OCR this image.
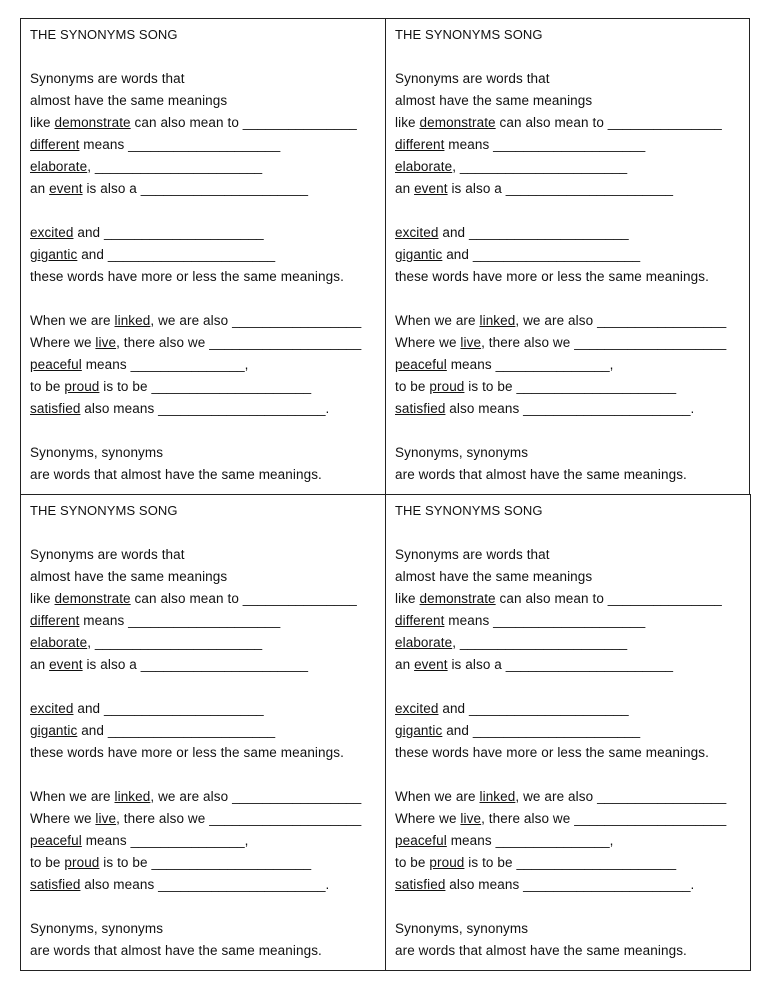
THE SYNONYMS SONG
Synonyms are words that
almost have the same meanings
like demonstrate can also mean to _______________
different means ____________________
elaborate, ______________________
an event is also a ______________________
excited and _____________________
gigantic and ______________________
these words have more or less the same meanings.
When we are linked, we are also _________________
Where we live, there also we ____________________
peaceful means _______________,
to be proud is to be _____________________
satisfied also means ______________________.
Synonyms, synonyms
are words that almost have the same meanings.
THE SYNONYMS SONG
Synonyms are words that
almost have the same meanings
like demonstrate can also mean to _______________
different means ____________________
elaborate, ______________________
an event is also a ______________________
excited and _____________________
gigantic and ______________________
these words have more or less the same meanings.
When we are linked, we are also _________________
Where we live, there also we ____________________
peaceful means _______________,
to be proud is to be _____________________
satisfied also means ______________________.
Synonyms, synonyms
are words that almost have the same meanings.
THE SYNONYMS SONG
Synonyms are words that
almost have the same meanings
like demonstrate can also mean to _______________
different means ____________________
elaborate, ______________________
an event is also a ______________________
excited and _____________________
gigantic and ______________________
these words have more or less the same meanings.
When we are linked, we are also _________________
Where we live, there also we ____________________
peaceful means _______________,
to be proud is to be _____________________
satisfied also means ______________________.
Synonyms, synonyms
are words that almost have the same meanings.
THE SYNONYMS SONG
Synonyms are words that
almost have the same meanings
like demonstrate can also mean to _______________
different means ____________________
elaborate, ______________________
an event is also a ______________________
excited and _____________________
gigantic and ______________________
these words have more or less the same meanings.
When we are linked, we are also _________________
Where we live, there also we ____________________
peaceful means _______________,
to be proud is to be _____________________
satisfied also means ______________________.
Synonyms, synonyms
are words that almost have the same meanings.
